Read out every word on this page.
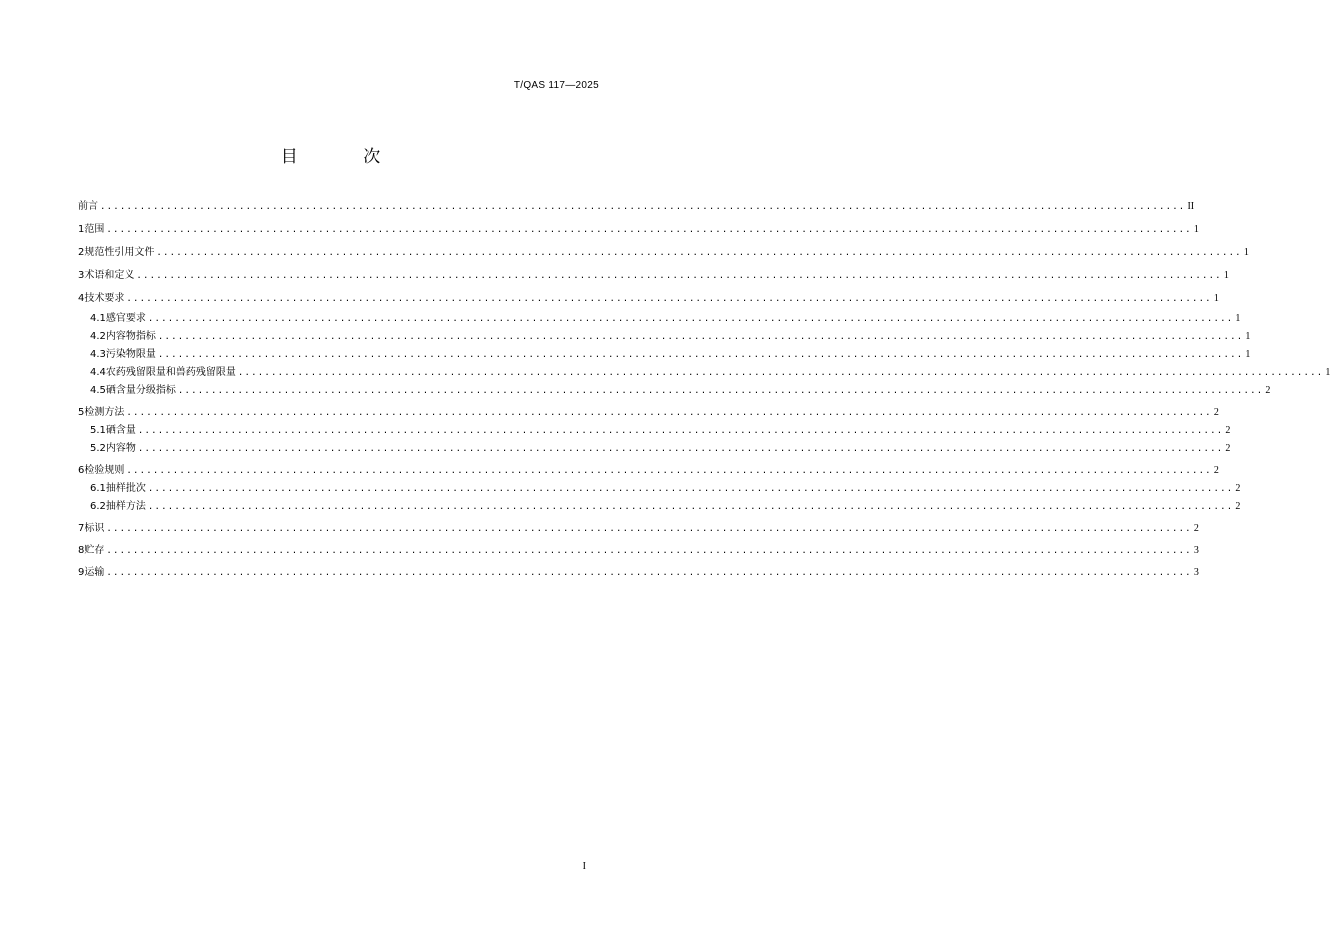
T/QAS 117—2025
目 次
前言 .................................................................................................................................................................... II
1 范围 .................................................................................................................................................................... 1
2 规范性引用文件 .................................................................................................................................................................... 1
3 术语和定义 .................................................................................................................................................................... 1
4 技术要求 .................................................................................................................................................................... 1
4.1 感官要求 .................................................................................................................................................................... 1
4.2 内容物指标 .................................................................................................................................................................... 1
4.3 污染物限量 .................................................................................................................................................................... 1
4.4 农药残留限量和兽药残留限量 .................................................................................................................................................................... 1
4.5 硒含量分级指标 .................................................................................................................................................................... 2
5 检测方法 .................................................................................................................................................................... 2
5.1 硒含量 .................................................................................................................................................................... 2
5.2 内容物 .................................................................................................................................................................... 2
6 检验规则 .................................................................................................................................................................... 2
6.1 抽样批次 .................................................................................................................................................................... 2
6.2 抽样方法 .................................................................................................................................................................... 2
7 标识 .................................................................................................................................................................... 2
8 贮存 .................................................................................................................................................................... 3
9 运输 .................................................................................................................................................................... 3
I
